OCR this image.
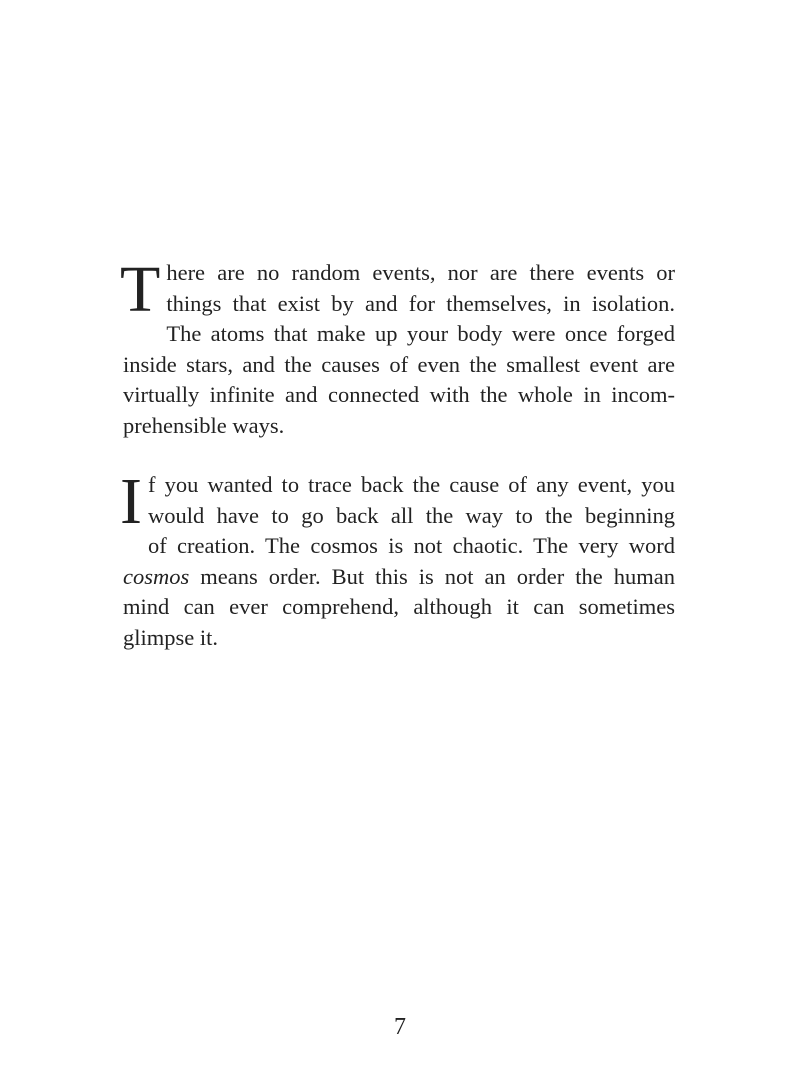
T here are no random events, nor are there events or
things that exist by and for themselves, in isolation.
The atoms that make up your body were once forged
inside stars, and the causes of even the smallest event are
virtually infinite and connected with the whole in incom-
prehensible ways.

I f you wanted to trace back the cause of any event, you
would have to go back all the way to the beginning
of creation. The cosmos is not chaotic. The very word
cosmos means order. But this is not an order the human
mind can ever comprehend, although it can sometimes
glimpse it.

7
